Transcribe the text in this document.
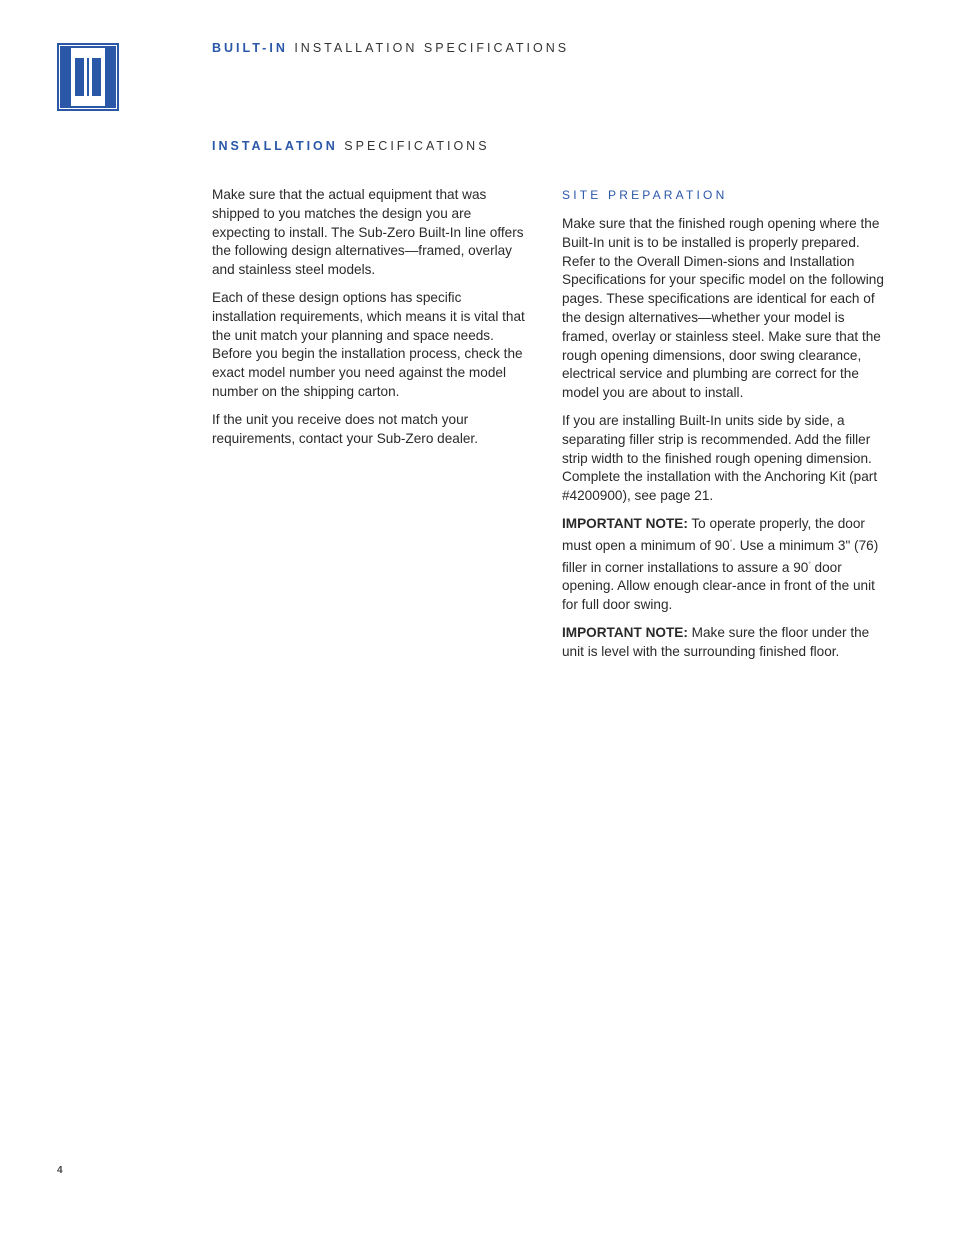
BUILT-IN INSTALLATION SPECIFICATIONS
INSTALLATION SPECIFICATIONS

Make sure that the actual equipment that was shipped to you matches the design you are expecting to install. The Sub-Zero Built-In line offers the following design alternatives—framed, overlay and stainless steel models.

Each of these design options has specific installation requirements, which means it is vital that the unit match your planning and space needs. Before you begin the installation process, check the exact model number you need against the model number on the shipping carton.

If the unit you receive does not match your requirements, contact your Sub-Zero dealer.

SITE PREPARATION

Make sure that the finished rough opening where the Built-In unit is to be installed is properly prepared. Refer to the Overall Dimen-sions and Installation Specifications for your specific model on the following pages. These specifications are identical for each of the design alternatives—whether your model is framed, overlay or stainless steel. Make sure that the rough opening dimensions, door swing clearance, electrical service and plumbing are correct for the model you are about to install.

If you are installing Built-In units side by side, a separating filler strip is recommended. Add the filler strip width to the finished rough opening dimension. Complete the installation with the Anchoring Kit (part #4200900), see page 21.

IMPORTANT NOTE: To operate properly, the door must open a minimum of 90°. Use a minimum 3" (76) filler in corner installations to assure a 90° door opening. Allow enough clear-ance in front of the unit for full door swing.

IMPORTANT NOTE: Make sure the floor under the unit is level with the surrounding finished floor.

4
